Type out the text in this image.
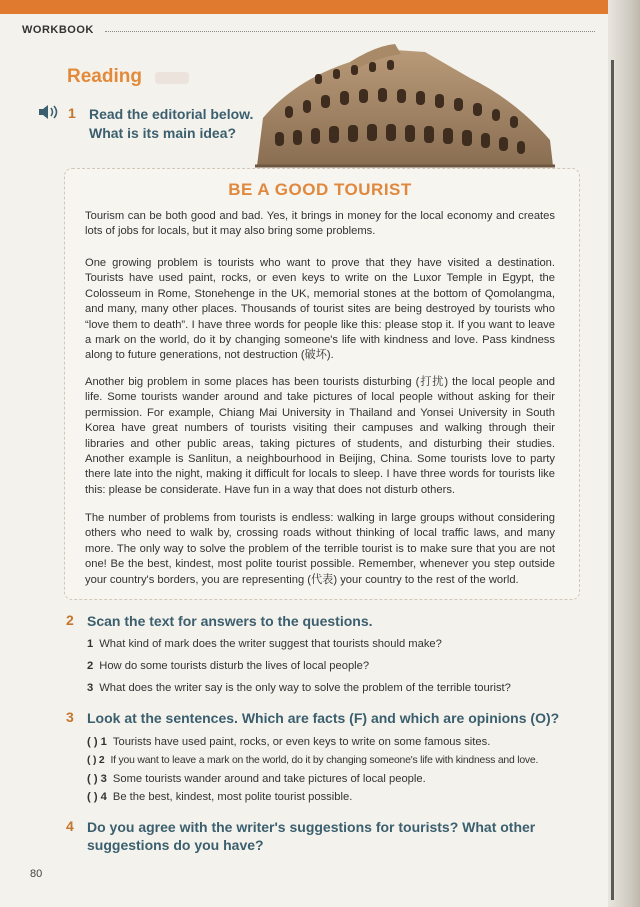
WORKBOOK
Reading
1 Read the editorial below.
What is its main idea?
BE A GOOD TOURIST
Tourism can be both good and bad. Yes, it brings in money for the local economy and creates lots of jobs for locals, but it may also bring some problems.
One growing problem is tourists who want to prove that they have visited a destination. Tourists have used paint, rocks, or even keys to write on the Luxor Temple in Egypt, the Colosseum in Rome, Stonehenge in the UK, memorial stones at the bottom of Qomolangma, and many, many other places. Thousands of tourist sites are being destroyed by tourists who “love them to death”. I have three words for people like this: please stop it. If you want to leave a mark on the world, do it by changing someone's life with kindness and love. Pass kindness along to future generations, not destruction (破坏).
Another big problem in some places has been tourists disturbing (打扰) the local people and life. Some tourists wander around and take pictures of local people without asking for their permission. For example, Chiang Mai University in Thailand and Yonsei University in South Korea have great numbers of tourists visiting their campuses and walking through their libraries and other public areas, taking pictures of students, and disturbing their studies. Another example is Sanlitun, a neighbourhood in Beijing, China. Some tourists love to party there late into the night, making it difficult for locals to sleep. I have three words for tourists like this: please be considerate. Have fun in a way that does not disturb others.
The number of problems from tourists is endless: walking in large groups without considering others who need to walk by, crossing roads without thinking of local traffic laws, and many more. The only way to solve the problem of the terrible tourist is to make sure that you are not one! Be the best, kindest, most polite tourist possible. Remember, whenever you step outside your country's borders, you are representing (代表) your country to the rest of the world.
2 Scan the text for answers to the questions.
1 What kind of mark does the writer suggest that tourists should make?
2 How do some tourists disturb the lives of local people?
3 What does the writer say is the only way to solve the problem of the terrible tourist?
3 Look at the sentences. Which are facts (F) and which are opinions (O)?
( ) 1 Tourists have used paint, rocks, or even keys to write on some famous sites.
( ) 2 If you want to leave a mark on the world, do it by changing someone's life with kindness and love.
( ) 3 Some tourists wander around and take pictures of local people.
( ) 4 Be the best, kindest, most polite tourist possible.
4 Do you agree with the writer's suggestions for tourists? What other
suggestions do you have?
80
